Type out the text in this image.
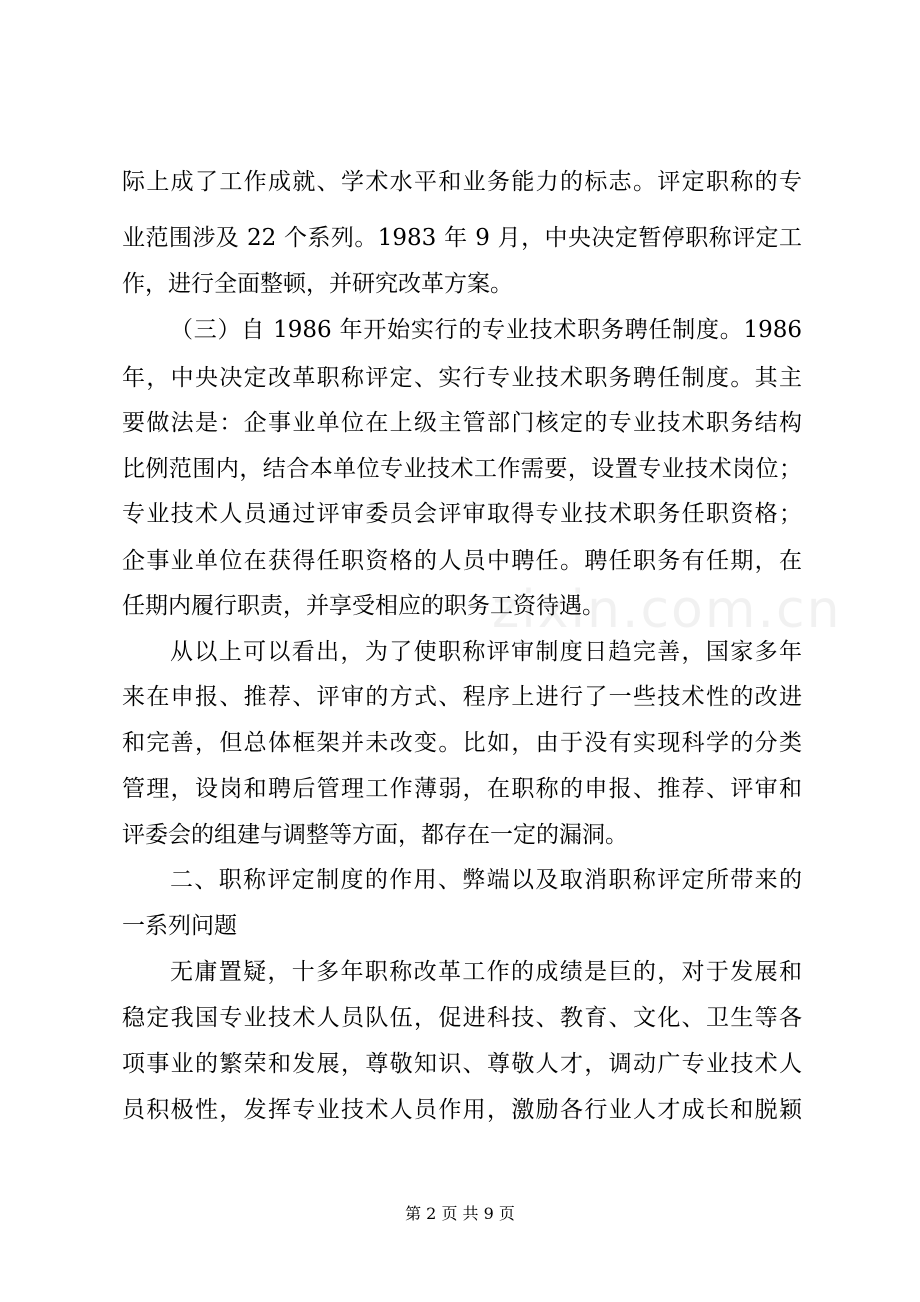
zixin.com.cn
际上成了工作成就、学术水平和业务能力的标志。评定职称的专
业范围涉及 22 个系列。1983 年 9 月，中央决定暂停职称评定工
作，进行全面整顿，并研究改革方案。
（三）自 1986 年开始实行的专业技术职务聘任制度。1986
年，中央决定改革职称评定、实行专业技术职务聘任制度。其主
要做法是：企事业单位在上级主管部门核定的专业技术职务结构
比例范围内，结合本单位专业技术工作需要，设置专业技术岗位；
专业技术人员通过评审委员会评审取得专业技术职务任职资格；
企事业单位在获得任职资格的人员中聘任。聘任职务有任期，在
任期内履行职责，并享受相应的职务工资待遇。
从以上可以看出，为了使职称评审制度日趋完善，国家多年
来在申报、推荐、评审的方式、程序上进行了一些技术性的改进
和完善，但总体框架并未改变。比如，由于没有实现科学的分类
管理，设岗和聘后管理工作薄弱，在职称的申报、推荐、评审和
评委会的组建与调整等方面，都存在一定的漏洞。
二、职称评定制度的作用、弊端以及取消职称评定所带来的
一系列问题
无庸置疑，十多年职称改革工作的成绩是巨的，对于发展和
稳定我国专业技术人员队伍，促进科技、教育、文化、卫生等各
项事业的繁荣和发展，尊敬知识、尊敬人才，调动广专业技术人
员积极性，发挥专业技术人员作用，激励各行业人才成长和脱颖
第 2 页 共 9 页
